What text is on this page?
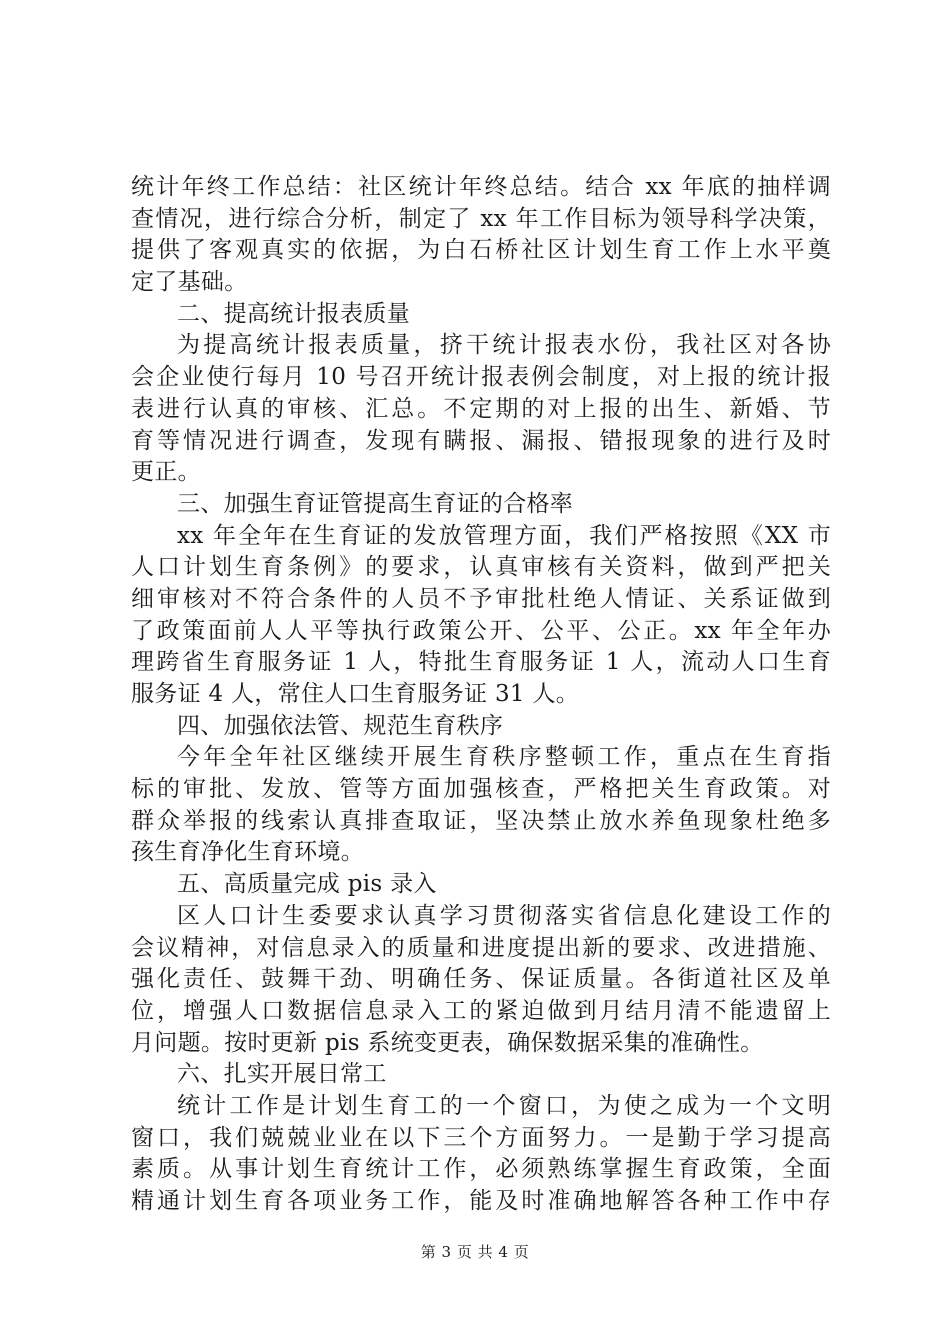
统计年终工作总结：社区统计年终总结。结合 xx 年底的抽样调
查情况，进行综合分析，制定了 xx 年工作目标为领导科学决策，
提供了客观真实的依据，为白石桥社区计划生育工作上水平奠
定了基础。
二、提高统计报表质量
为提高统计报表质量，挤干统计报表水份，我社区对各协
会企业使行每月 10 号召开统计报表例会制度，对上报的统计报
表进行认真的审核、汇总。不定期的对上报的出生、新婚、节
育等情况进行调查，发现有瞒报、漏报、错报现象的进行及时
更正。
三、加强生育证管提高生育证的合格率
xx 年全年在生育证的发放管理方面，我们严格按照《XX 市
人口计划生育条例》的要求，认真审核有关资料，做到严把关
细审核对不符合条件的人员不予审批杜绝人情证、关系证做到
了政策面前人人平等执行政策公开、公平、公正。xx 年全年办
理跨省生育服务证 1 人，特批生育服务证 1 人，流动人口生育
服务证 4 人，常住人口生育服务证 31 人。
四、加强依法管、规范生育秩序
今年全年社区继续开展生育秩序整顿工作，重点在生育指
标的审批、发放、管等方面加强核查，严格把关生育政策。对
群众举报的线索认真排查取证，坚决禁止放水养鱼现象杜绝多
孩生育净化生育环境。
五、高质量完成 pis 录入
区人口计生委要求认真学习贯彻落实省信息化建设工作的
会议精神，对信息录入的质量和进度提出新的要求、改进措施、
强化责任、鼓舞干劲、明确任务、保证质量。各街道社区及单
位，增强人口数据信息录入工的紧迫做到月结月清不能遗留上
月问题。按时更新 pis 系统变更表，确保数据采集的准确性。
六、扎实开展日常工
统计工作是计划生育工的一个窗口，为使之成为一个文明
窗口，我们兢兢业业在以下三个方面努力。一是勤于学习提高
素质。从事计划生育统计工作，必须熟练掌握生育政策，全面
精通计划生育各项业务工作，能及时准确地解答各种工作中存
第 3 页 共 4 页
